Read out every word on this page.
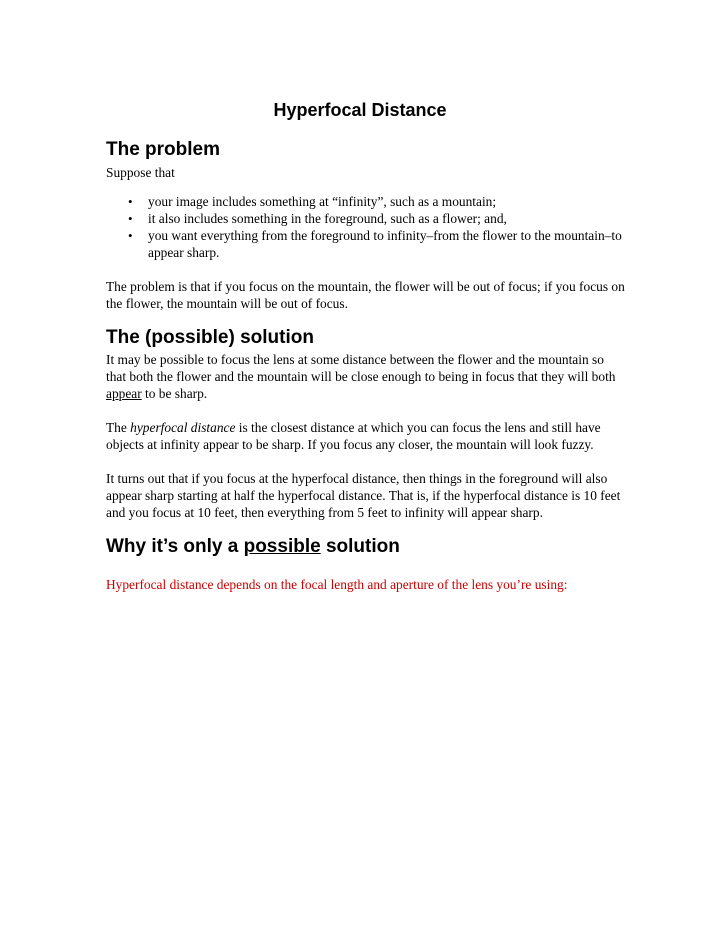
Hyperfocal Distance
The problem

Suppose that

• your image includes something at “infinity”, such as a mountain;
• it also includes something in the foreground, such as a flower; and,
• you want everything from the foreground to infinity–from the flower to the mountain–to appear sharp.

The problem is that if you focus on the mountain, the flower will be out of focus; if you focus on the flower, the mountain will be out of focus.

The (possible) solution

It may be possible to focus the lens at some distance between the flower and the mountain so that both the flower and the mountain will be close enough to being in focus that they will both appear to be sharp.

The hyperfocal distance is the closest distance at which you can focus the lens and still have objects at infinity appear to be sharp. If you focus any closer, the mountain will look fuzzy.

It turns out that if you focus at the hyperfocal distance, then things in the foreground will also appear sharp starting at half the hyperfocal distance. That is, if the hyperfocal distance is 10 feet and you focus at 10 feet, then everything from 5 feet to infinity will appear sharp.

Why it’s only a possible solution

Hyperfocal distance depends on the focal length and aperture of the lens you’re using:
